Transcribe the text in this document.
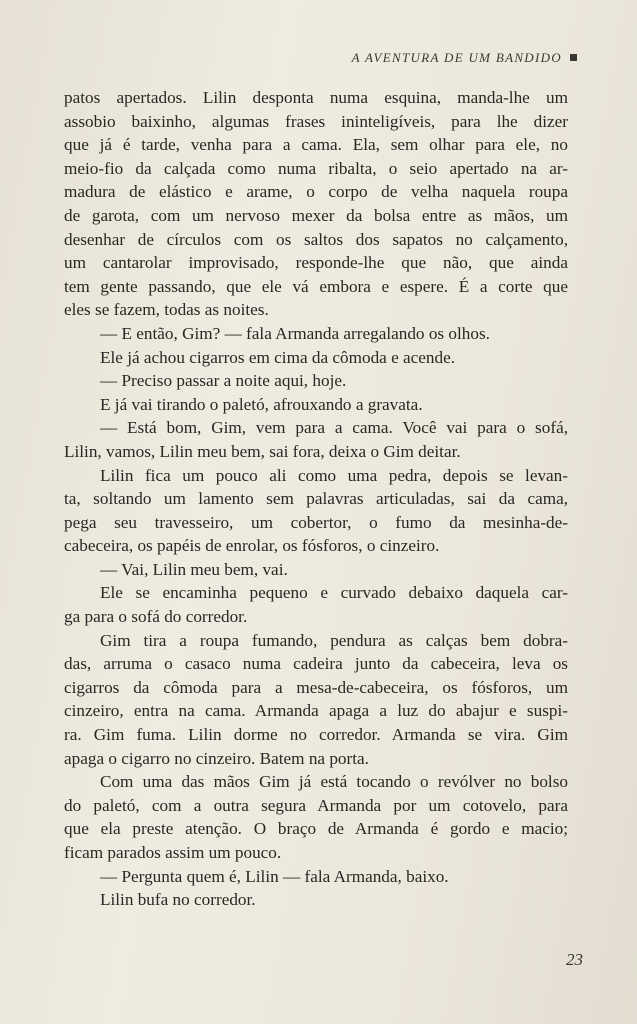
A AVENTURA DE UM BANDIDO
patos apertados. Lilin desponta numa esquina, manda-lhe um
assobio baixinho, algumas frases ininteligíveis, para lhe dizer
que já é tarde, venha para a cama. Ela, sem olhar para ele, no
meio-fio da calçada como numa ribalta, o seio apertado na ar-
madura de elástico e arame, o corpo de velha naquela roupa
de garota, com um nervoso mexer da bolsa entre as mãos, um
desenhar de círculos com os saltos dos sapatos no calçamento,
um cantarolar improvisado, responde-lhe que não, que ainda
tem gente passando, que ele vá embora e espere. É a corte que
eles se fazem, todas as noites.
— E então, Gim? — fala Armanda arregalando os olhos.
Ele já achou cigarros em cima da cômoda e acende.
— Preciso passar a noite aqui, hoje.
E já vai tirando o paletó, afrouxando a gravata.
— Está bom, Gim, vem para a cama. Você vai para o sofá,
Lilin, vamos, Lilin meu bem, sai fora, deixa o Gim deitar.
Lilin fica um pouco ali como uma pedra, depois se levan-
ta, soltando um lamento sem palavras articuladas, sai da cama,
pega seu travesseiro, um cobertor, o fumo da mesinha-de-
cabeceira, os papéis de enrolar, os fósforos, o cinzeiro.
— Vai, Lilin meu bem, vai.
Ele se encaminha pequeno e curvado debaixo daquela car-
ga para o sofá do corredor.
Gim tira a roupa fumando, pendura as calças bem dobra-
das, arruma o casaco numa cadeira junto da cabeceira, leva os
cigarros da cômoda para a mesa-de-cabeceira, os fósforos, um
cinzeiro, entra na cama. Armanda apaga a luz do abajur e suspi-
ra. Gim fuma. Lilin dorme no corredor. Armanda se vira. Gim
apaga o cigarro no cinzeiro. Batem na porta.
Com uma das mãos Gim já está tocando o revólver no bolso
do paletó, com a outra segura Armanda por um cotovelo, para
que ela preste atenção. O braço de Armanda é gordo e macio;
ficam parados assim um pouco.
— Pergunta quem é, Lilin — fala Armanda, baixo.
Lilin bufa no corredor.
23
